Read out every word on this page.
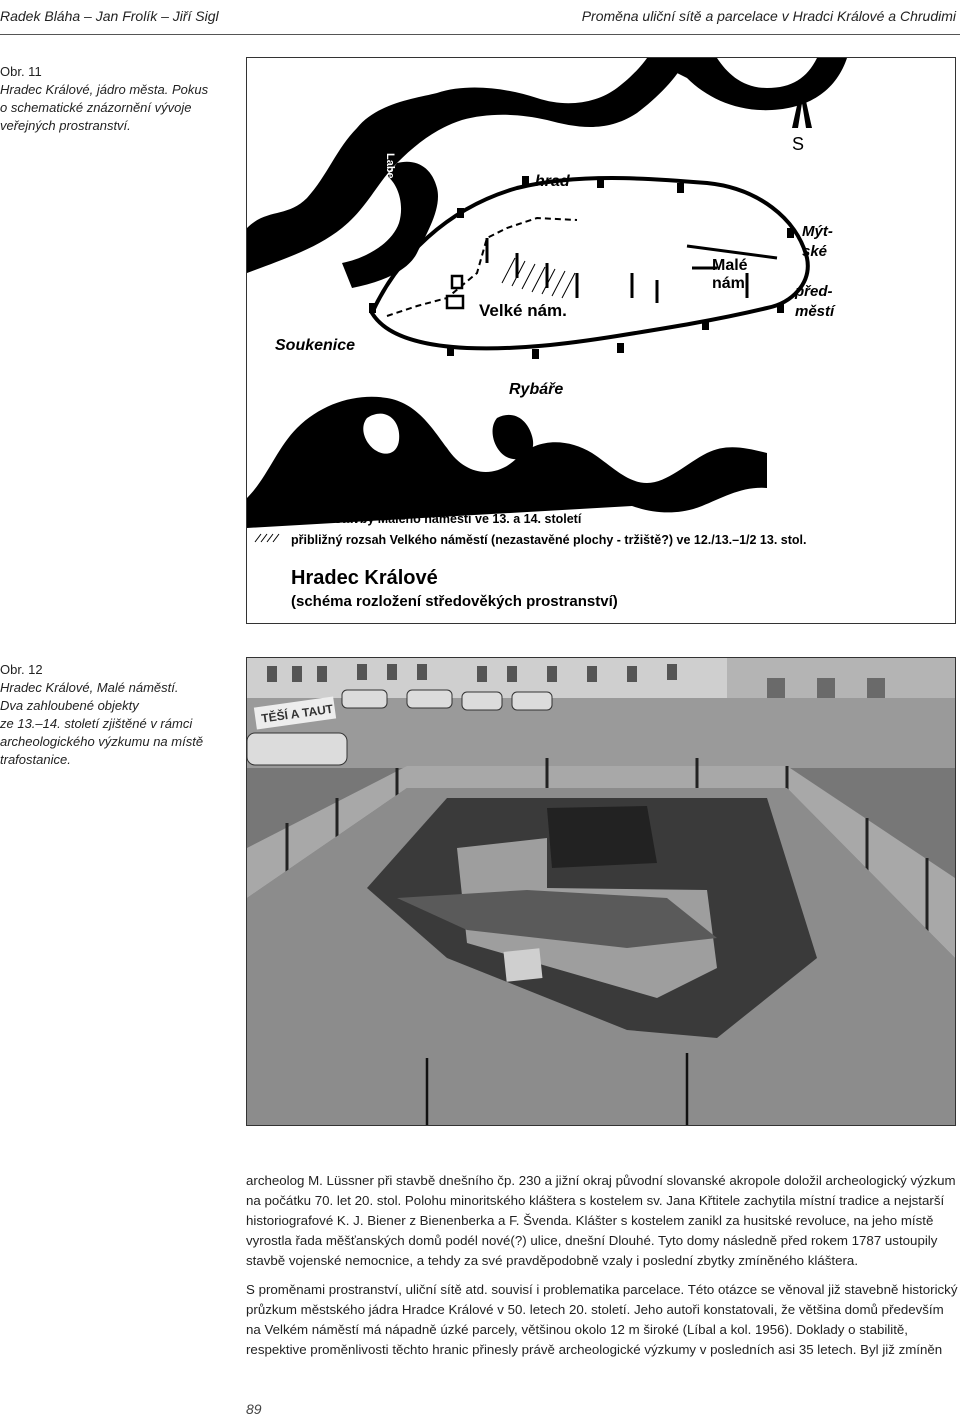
Radek Bláha – Jan Frolík – Jiří Sigl	Proměna uliční sítě a parcelace v Hradci Králové a Chrudimi
Obr. 11
Hradec Králové, jádro města. Pokus
o schematické znázornění vývoje
veřejných prostranství.
Pražské
předměstí
Labe
S
hrad
Mýt-
ské
před-
městí
Malé
nám.
Velké nám.
Soukenice
Rybáře
pravděpodobný rozsah Velkého náměstí v druhé polovině 13. století
linie zástavby Malého náměstí ve 13. a 14. století
přibližný rozsah Velkého náměstí (nezastavěné plochy - tržiště?) ve 12./13.–1/2 13. stol.
Hradec Králové
(schéma rozložení středověkých prostranství)
Obr. 12
Hradec Králové, Malé náměstí.
Dva zahloubené objekty
ze 13.–14. století zjištěné v rámci
archeologického výzkumu na místě
trafostanice.
TĚŠÍ A TAUT

archeolog M. Lüssner při stavbě dnešního čp. 230 a jižní okraj původní slovanské akropole doložil archeologický výzkum na počátku 70. let 20. stol. Polohu minoritského kláštera s kostelem sv. Jana Křtitele zachytila místní tradice a nejstarší historiografové K. J. Biener z Bienenberka a F. Švenda. Klášter s kostelem zanikl za husitské revoluce, na jeho místě vyrostla řada měšťanských domů podél nové(?) ulice, dnešní Dlouhé. Tyto domy následně před rokem 1787 ustoupily stavbě vojenské nemocnice, a tehdy za své pravděpodobně vzaly i poslední zbytky zmíněného kláštera.

S proměnami prostranství, uliční sítě atd. souvisí i problematika parcelace. Této otázce se věnoval již stavebně historický průzkum městského jádra Hradce Králové v 50. letech 20. století. Jeho autoři konstatovali, že většina domů především na Velkém náměstí má nápadně úzké parcely, většinou okolo 12 m široké (Líbal a kol. 1956). Doklady o stabilitě, respektive proměnlivosti těchto hranic přinesly právě archeologické výzkumy v posledních asi 35 letech. Byl již zmíněn

89
